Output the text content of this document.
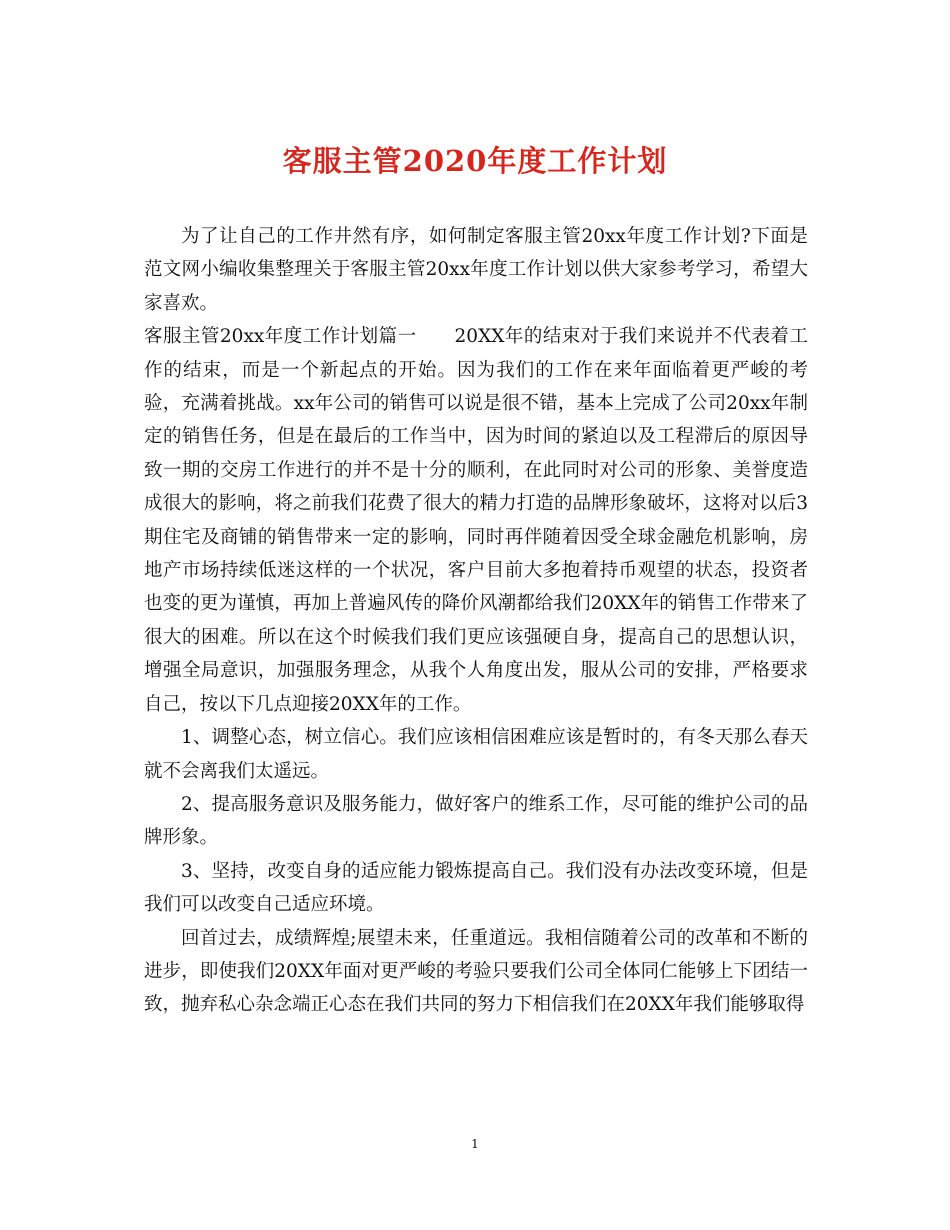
客服主管2020年度工作计划

为了让自己的工作井然有序，如何制定客服主管20xx年度工作计划?下面是范文网小编收集整理关于客服主管20xx年度工作计划以供大家参考学习，希望大家喜欢。

客服主管20xx年度工作计划篇一　　20XX年的结束对于我们来说并不代表着工作的结束，而是一个新起点的开始。因为我们的工作在来年面临着更严峻的考验，充满着挑战。xx年公司的销售可以说是很不错，基本上完成了公司20xx年制定的销售任务，但是在最后的工作当中，因为时间的紧迫以及工程滞后的原因导致一期的交房工作进行的并不是十分的顺利，在此同时对公司的形象、美誉度造成很大的影响，将之前我们花费了很大的精力打造的品牌形象破坏，这将对以后3期住宅及商铺的销售带来一定的影响，同时再伴随着因受全球金融危机影响，房地产市场持续低迷这样的一个状况，客户目前大多抱着持币观望的状态，投资者也变的更为谨慎，再加上普遍风传的降价风潮都给我们20XX年的销售工作带来了很大的困难。所以在这个时候我们我们更应该强硬自身，提高自己的思想认识，增强全局意识，加强服务理念，从我个人角度出发，服从公司的安排，严格要求自己，按以下几点迎接20XX年的工作。

1、调整心态，树立信心。我们应该相信困难应该是暂时的，有冬天那么春天就不会离我们太遥远。

2、提高服务意识及服务能力，做好客户的维系工作，尽可能的维护公司的品牌形象。

3、坚持，改变自身的适应能力锻炼提高自己。我们没有办法改变环境，但是我们可以改变自己适应环境。

回首过去，成绩辉煌;展望未来，任重道远。我相信随着公司的改革和不断的进步，即使我们20XX年面对更严峻的考验只要我们公司全体同仁能够上下团结一致，抛弃私心杂念端正心态在我们共同的努力下相信我们在20XX年我们能够取得

1
